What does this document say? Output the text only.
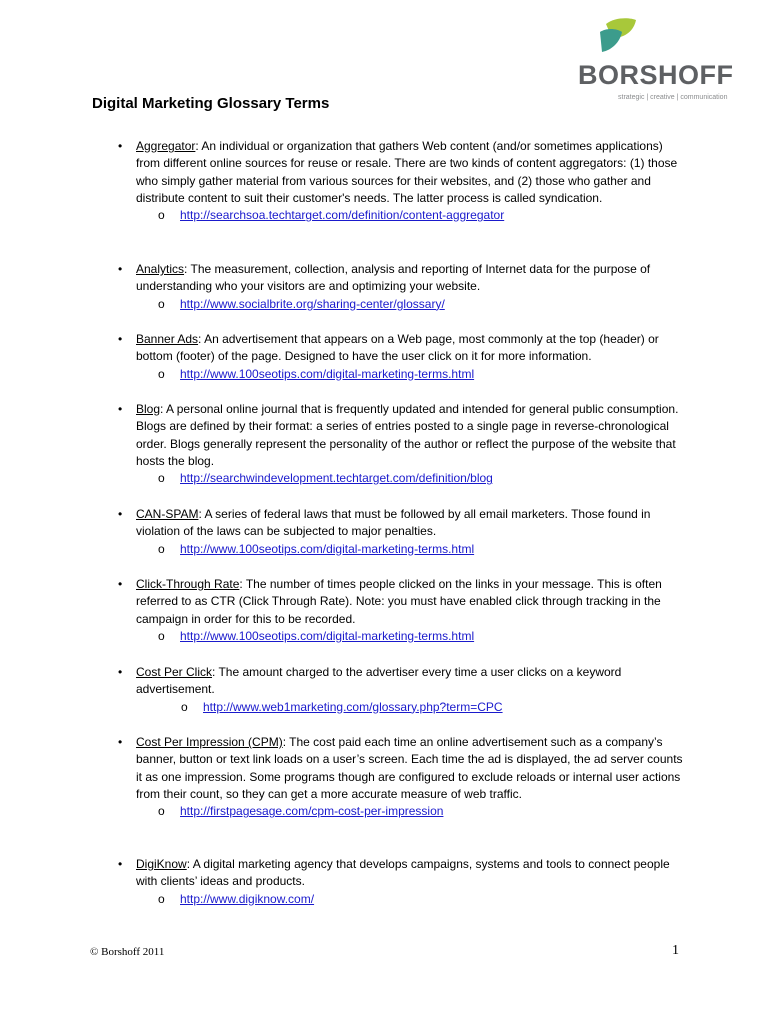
BORSHOFF
strategic | creative | communication
Digital Marketing Glossary Terms
• Aggregator: An individual or organization that gathers Web content (and/or sometimes applications) from different online sources for reuse or resale. There are two kinds of content aggregators: (1) those who simply gather material from various sources for their websites, and (2) those who gather and distribute content to suit their customer's needs. The latter process is called syndication.
o http://searchsoa.techtarget.com/definition/content-aggregator
• Analytics: The measurement, collection, analysis and reporting of Internet data for the purpose of understanding who your visitors are and optimizing your website.
o http://www.socialbrite.org/sharing-center/glossary/
• Banner Ads: An advertisement that appears on a Web page, most commonly at the top (header) or bottom (footer) of the page. Designed to have the user click on it for more information.
o http://www.100seotips.com/digital-marketing-terms.html
• Blog: A personal online journal that is frequently updated and intended for general public consumption. Blogs are defined by their format: a series of entries posted to a single page in reverse-chronological order. Blogs generally represent the personality of the author or reflect the purpose of the website that hosts the blog.
o http://searchwindevelopment.techtarget.com/definition/blog
• CAN-SPAM: A series of federal laws that must be followed by all email marketers. Those found in violation of the laws can be subjected to major penalties.
o http://www.100seotips.com/digital-marketing-terms.html
• Click-Through Rate: The number of times people clicked on the links in your message. This is often referred to as CTR (Click Through Rate). Note: you must have enabled click through tracking in the campaign in order for this to be recorded.
o http://www.100seotips.com/digital-marketing-terms.html
• Cost Per Click: The amount charged to the advertiser every time a user clicks on a keyword advertisement.
o http://www.web1marketing.com/glossary.php?term=CPC
• Cost Per Impression (CPM): The cost paid each time an online advertisement such as a company’s banner, button or text link loads on a user’s screen. Each time the ad is displayed, the ad server counts it as one impression. Some programs though are configured to exclude reloads or internal user actions from their count, so they can get a more accurate measure of web traffic.
o http://firstpagesage.com/cpm-cost-per-impression
• DigiKnow: A digital marketing agency that develops campaigns, systems and tools to connect people with clients’ ideas and products.
o http://www.digiknow.com/
© Borshoff 2011	1
